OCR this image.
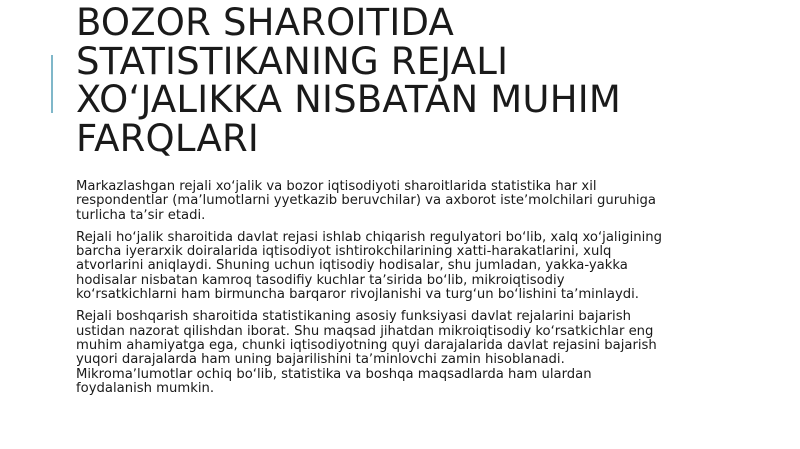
BOZOR SHAROITIDA
STATISTIKANING REJALI
XOʻJALIKKA NISBATAN MUHIM
FARQLARI

Markazlashgan rejali xoʻjalik va bozor iqtisodiyoti sharoitlarida statistika har xil
respondentlar (maʼlumotlarni yyetkazib beruvchilar) va axborot isteʼmolchilari guruhiga
turlicha taʼsir etadi.

Rejali hoʻjalik sharoitida davlat rejasi ishlab chiqarish regulyatori boʻlib, xalq xoʻjaligining
barcha iyerarxik doiralarida iqtisodiyot ishtirokchilarining xatti-harakatlarini, xulq
atvorlarini aniqlaydi. Shuning uchun iqtisodiy hodisalar, shu jumladan, yakka-yakka
hodisalar nisbatan kamroq tasodifiy kuchlar taʼsirida boʻlib, mikroiqtisodiy
koʻrsatkichlarni ham birmuncha barqaror rivojlanishi va turgʻun boʻlishini taʼminlaydi.

Rejali boshqarish sharoitida statistikaning asosiy funksiyasi davlat rejalarini bajarish
ustidan nazorat qilishdan iborat. Shu maqsad jihatdan mikroiqtisodiy koʻrsatkichlar eng
muhim ahamiyatga ega, chunki iqtisodiyotning quyi darajalarida davlat rejasini bajarish
yuqori darajalarda ham uning bajarilishini taʼminlovchi zamin hisoblanadi.
Mikromaʼlumotlar ochiq boʻlib, statistika va boshqa maqsadlarda ham ulardan
foydalanish mumkin.
